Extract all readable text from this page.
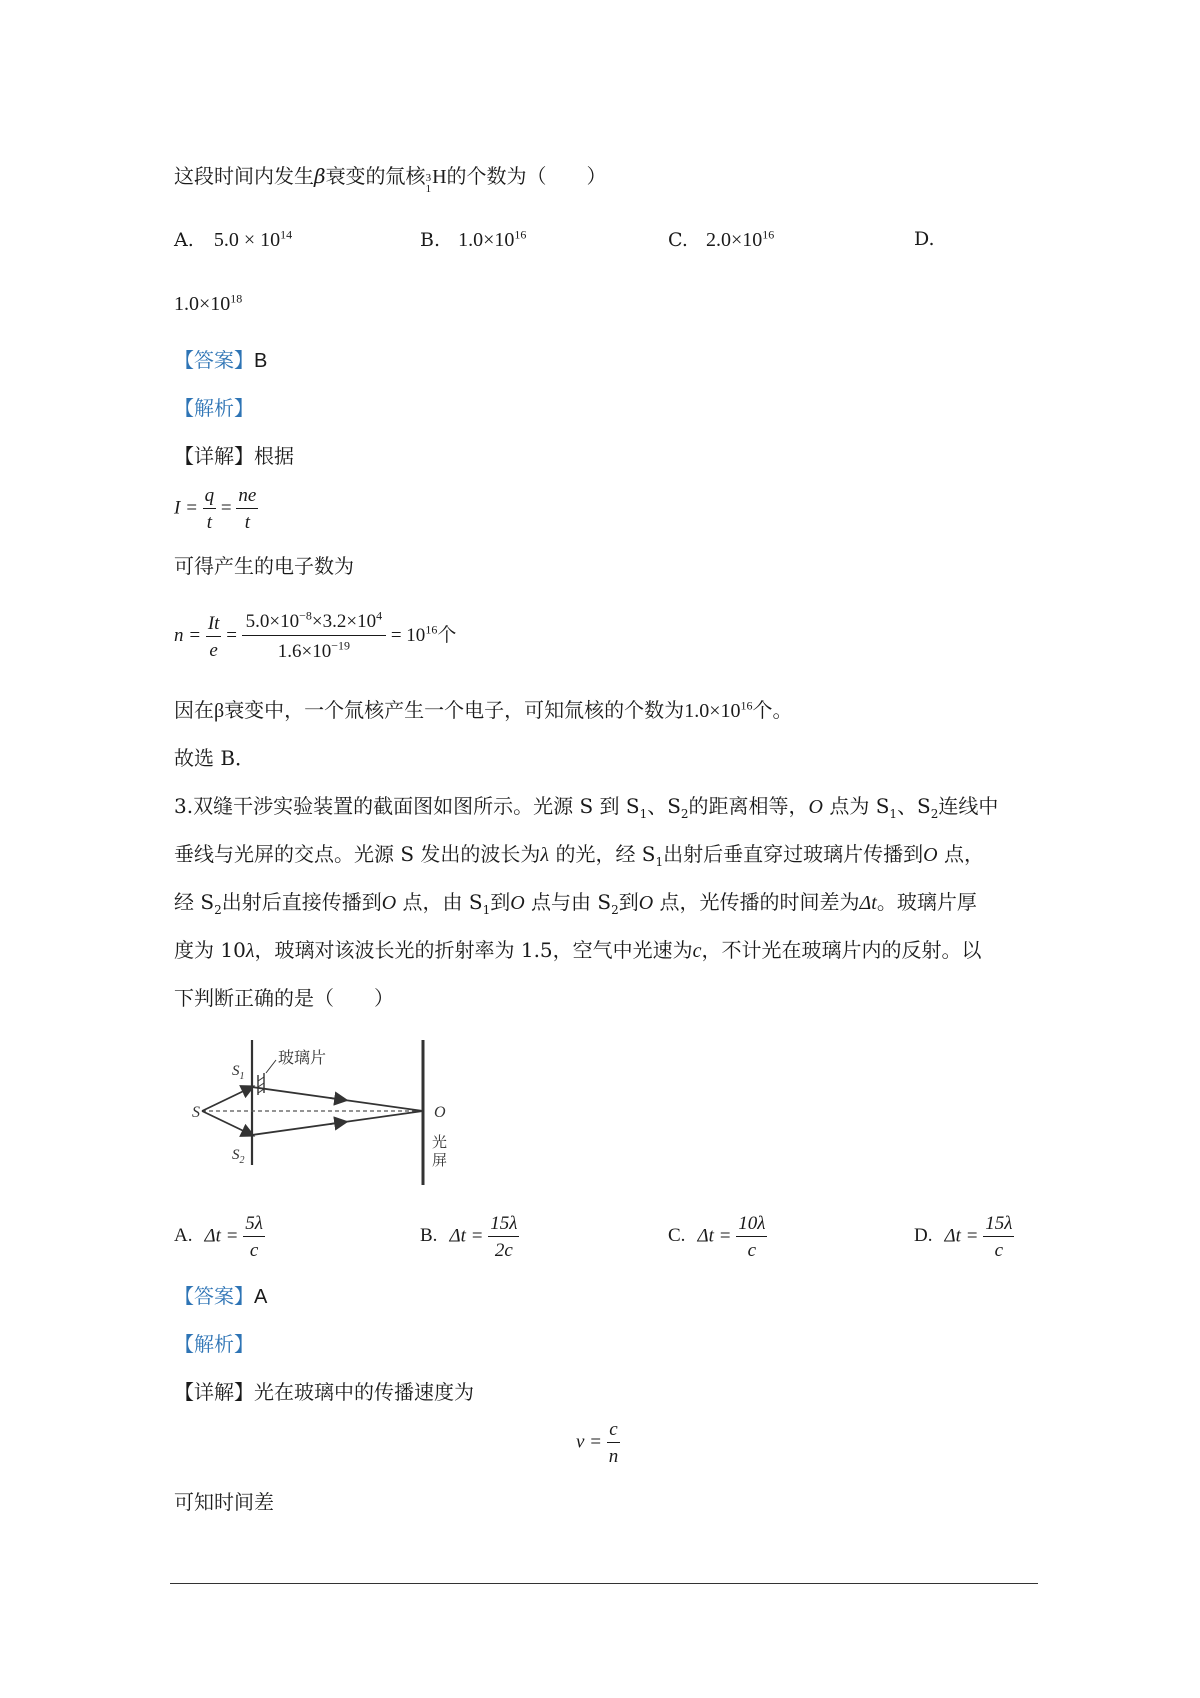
这段时间内发生β衰变的氚核 3
1
H的个数为（　　）
A. $5.0 \times 10^{14}$	B. $1.0\times 10^{16}$	C. $2.0\times 10^{16}$	D.
$1.0\times 10^{18}$
【答案】B
【解析】
【详解】根据
$I = \frac{q}{t} = \frac{ne}{t}$
可得产生的电子数为
$n = \frac{It}{e} = \frac{5.0\times 10^{-8}\times 3.2\times 10^4}{1.6\times 10^{-19}} = 10^{16}$个
因在β衰变中，一个氚核产生一个电子，可知氚核的个数为$1.0\times 10^{16}$个。
故选 B．
3.双缝干涉实验装置的截面图如图所示。光源 S 到 $S_1$、$S_2$的距离相等，O 点为 $S_1$、$S_2$连线中
垂线与光屏的交点。光源 S 发出的波长为λ 的光，经 $S_1$出射后垂直穿过玻璃片传播到O 点，
经 $S_2$出射后直接传播到O 点，由 $S_1$到O 点与由 $S_2$到O 点，光传播的时间差为Δt。玻璃片厚
度为 10λ，玻璃对该波长光的折射率为 1.5，空气中光速为c，不计光在玻璃片内的反射。以
下判断正确的是（　　）
玻璃片
S
$S_1$
$S_2$
O
光
屏
A. $\Delta t = \frac{5\lambda}{c}$	B. $\Delta t = \frac{15\lambda}{2c}$	C. $\Delta t = \frac{10\lambda}{c}$	D. $\Delta t = \frac{15\lambda}{c}$
【答案】A
【解析】
【详解】光在玻璃中的传播速度为
$v = \frac{c}{n}$
可知时间差
